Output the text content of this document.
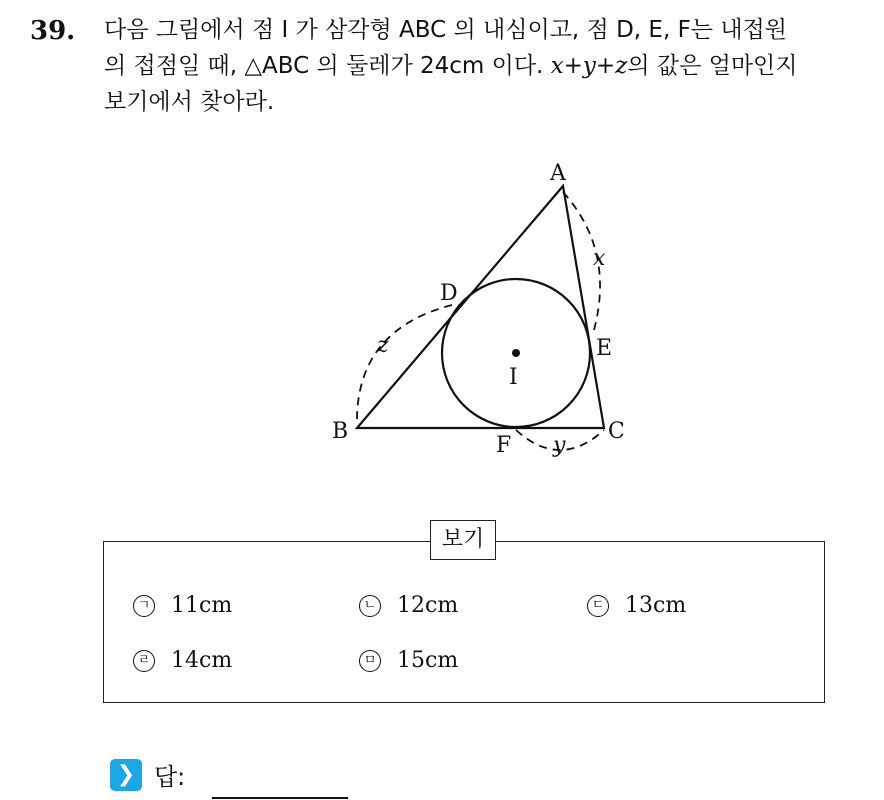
39. 다음 그림에서 점 I 가 삼각형 ABC 의 내심이고, 점 D, E, F는 내접원
의 접점일 때, △ABC 의 둘레가 24cm 이다. x+y+z의 값은 얼마인지
보기에서 찾아라.
A
B	C
D
E
F
I
x
y
z
보기
ㄱ 11cm	ㄴ 12cm	ㄷ 13cm
ㄹ 14cm	ㅁ 15cm
❯ 답:
